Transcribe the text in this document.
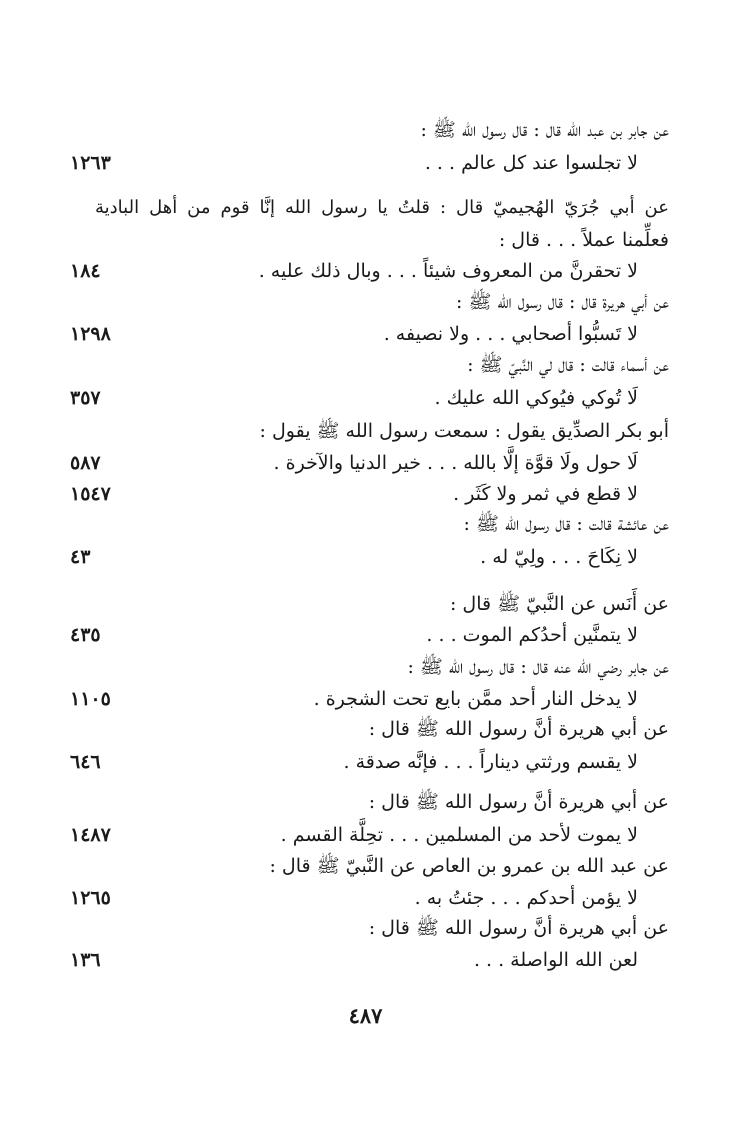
عن جابر بن عبد الله قال : قال رسول الله ﷺ :
لا تجلسوا عند كل عالم . . .
١٢٦٣
عن أبي جُرَيّ الهُجيميّ قال : قلتُ يا رسول الله إنَّا قوم من أهل البادية
فعلِّمنا عملاً . . . قال :
لا تحقرنَّ من المعروف شيئاً . . . وبال ذلك عليه .
١٨٤
عن أبي هريرة قال : قال رسول الله ﷺ :
لا تَسبُّوا أصحابي . . . ولا نصيفه .
١٢٩٨
عن أسماء قالت : قال لي النَّبيّ ﷺ :
لَا تُوكي فيُوكي الله عليك .
٣٥٧
أبو بكر الصدِّيق يقول : سمعت رسول الله ﷺ يقول :
لَا حول ولَا قوَّة إلَّا بالله . . . خير الدنيا والآخرة .
٥٨٧
لا قطع في ثمر ولا كَثَر .
١٥٤٧
عن عائشة قالت : قال رسول الله ﷺ :
لا نِكَاحَ . . . ولِيّ له .
٤٣
عن أَنَس عن النَّبيّ ﷺ قال :
لا يتمنَّين أحدُكم الموت . . .
٤٣٥
عن جابر رضي الله عنه قال : قال رسول الله ﷺ :
لا يدخل النار أحد ممَّن بايع تحت الشجرة .
١١٠٥
عن أبي هريرة أنَّ رسول الله ﷺ قال :
لا يقسم ورثتي ديناراً . . . فإنَّه صدقة .
٦٤٦
عن أبي هريرة أنَّ رسول الله ﷺ قال :
لا يموت لأحد من المسلمين . . . تحِلَّة القسم .
١٤٨٧
عن عبد الله بن عمرو بن العاص عن النَّبيّ ﷺ قال :
لا يؤمن أحدكم . . . جئتُ به .
١٢٦٥
عن أبي هريرة أنَّ رسول الله ﷺ قال :
لعن الله الواصلة . . .
١٣٦
٤٨٧
